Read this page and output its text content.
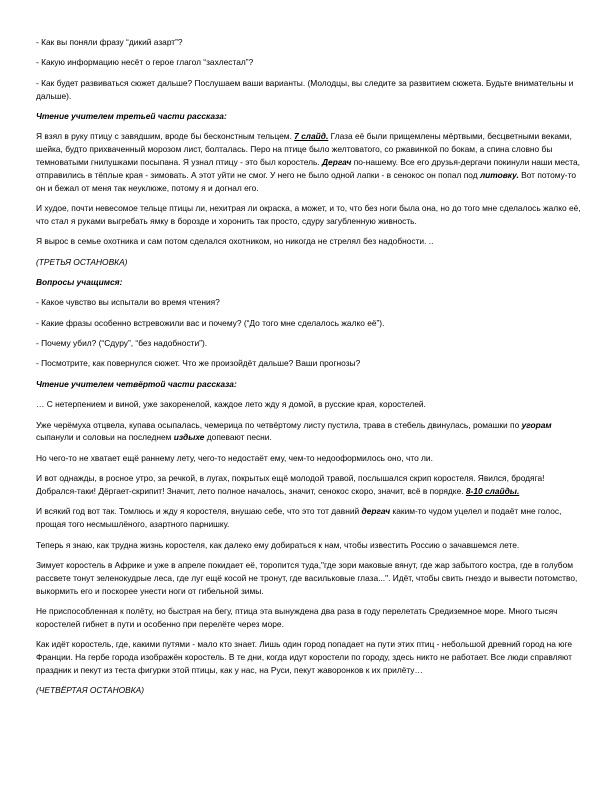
- Как вы поняли фразу “дикий азарт”?

- Какую информацию несёт о герое глагол “захлестал”?

- Как будет развиваться сюжет дальше? Послушаем ваши варианты. (Молодцы, вы следите за развитием сюжета. Будьте внимательны и дальше).

Чтение учителем третьей части рассказа:

Я взял в руку птицу с завядшим, вроде бы бесконстным тельцем. 7 слайд. Глаза её были прищемлены мёртвыми, бесцветными веками, шейка, будто прихваченный морозом лист, болталась. Перо на птице было желтоватого, со ржавинкой по бокам, а спина словно бы темноватыми гнилушками посыпана. Я узнал птицу - это был коростель. Дергач по-нашему. Все его друзья-дергачи покинули наши места, отправились в тёплые края - зимовать. А этот уйти не смог. У него не было одной лапки - в сенокос он попал под литовку. Вот потому-то он и бежал от меня так неуклюже, потому я и догнал его.

И худое, почти невесомое тельце птицы ли, нехитрая ли окраска, а может, и то, что без ноги была она, но до того мне сделалось жалко её, что стал я руками выгребать ямку в борозде и хоронить так просто, сдуру загубленную живность.

Я вырос в семье охотника и сам потом сделался охотником, но никогда не стрелял без надобности. ..

(ТРЕТЬЯ ОСТАНОВКА)

Вопросы учащимся:

- Какое чувство вы испытали во время чтения?

- Какие фразы особенно встревожили вас и почему? (“До того мне сделалось жалко её”).

- Почему убил? (“Сдуру”, “без надобности”).

- Посмотрите, как повернулся сюжет. Что же произойдёт дальше? Ваши прогнозы?

Чтение учителем четвёртой части рассказа:

… С нетерпением и виной, уже закоренелой, каждое лето жду я домой, в русские края, коростелей.

Уже черёмуха отцвела, купава осыпалась, чемерица по четвёртому листу пустила, трава в стебель двинулась, ромашки по угорам сыпанули и соловьи на последнем издыхе допевают песни.

Но чего-то не хватает ещё раннему лету, чего-то недостаёт ему, чем-то недооформилось оно, что ли.

И вот однажды, в росное утро, за речкой, в лугах, покрытых ещё молодой травой, послышался скрип коростеля. Явился, бродяга! Добрался-таки! Дёргает-скрипит! Значит, лето полное началось, значит, сенокос скоро, значит, всё в порядке. 8-10 слайды.

И всякий год вот так. Томлюсь и жду я коростеля, внушаю себе, что это тот давний дергач каким-то чудом уцелел и подаёт мне голос, прощая того несмышлёного, азартного парнишку.

Теперь я знаю, как трудна жизнь коростеля, как далеко ему добираться к нам, чтобы известить Россию о зачавшемся лете.

Зимует коростель в Африке и уже в апреле покидает её, торопится туда,"где зори маковые вянут, где жар забытого костра, где в голубом рассвете тонут зеленокудрые леса, где луг ещё косой не тронут, где васильковые глаза...". Идёт, чтобы свить гнездо и вывести потомство, выкормить его и поскорее унести ноги от гибельной зимы.

Не приспособленная к полёту, но быстрая на бегу, птица эта вынуждена два раза в году перелетать Средиземное море. Много тысяч коростелей гибнет в пути и особенно при перелёте через море.

Как идёт коростель, где, какими путями - мало кто знает. Лишь один город попадает на пути этих птиц - небольшой древний город на юге Франции. На гербе города изображён коростель. В те дни, когда идут коростели по городу, здесь никто не работает. Все люди справляют праздник и пекут из теста фигурки этой птицы, как у нас, на Руси, пекут жаворонков к их прилёту…

(ЧЕТВЁРТАЯ ОСТАНОВКА)
